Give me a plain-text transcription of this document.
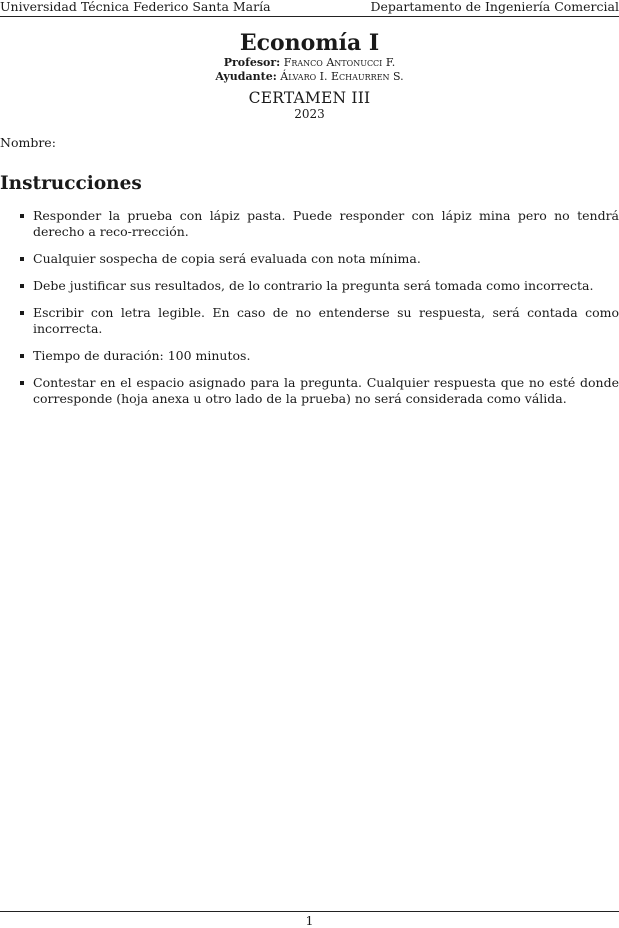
Universidad Técnica Federico Santa María	Departamento de Ingeniería Comercial
Economía I
Profesor: Franco Antonucci F.
Ayudante: Álvaro I. Echaurren S.
CERTAMEN III
2023
Nombre:
Instrucciones
Responder la prueba con lápiz pasta. Puede responder con lápiz mina pero no tendrá derecho a reco-rrección.
Cualquier sospecha de copia será evaluada con nota mínima.
Debe justificar sus resultados, de lo contrario la pregunta será tomada como incorrecta.
Escribir con letra legible. En caso de no entenderse su respuesta, será contada como incorrecta.
Tiempo de duración: 100 minutos.
Contestar en el espacio asignado para la pregunta. Cualquier respuesta que no esté donde corresponde (hoja anexa u otro lado de la prueba) no será considerada como válida.
1
